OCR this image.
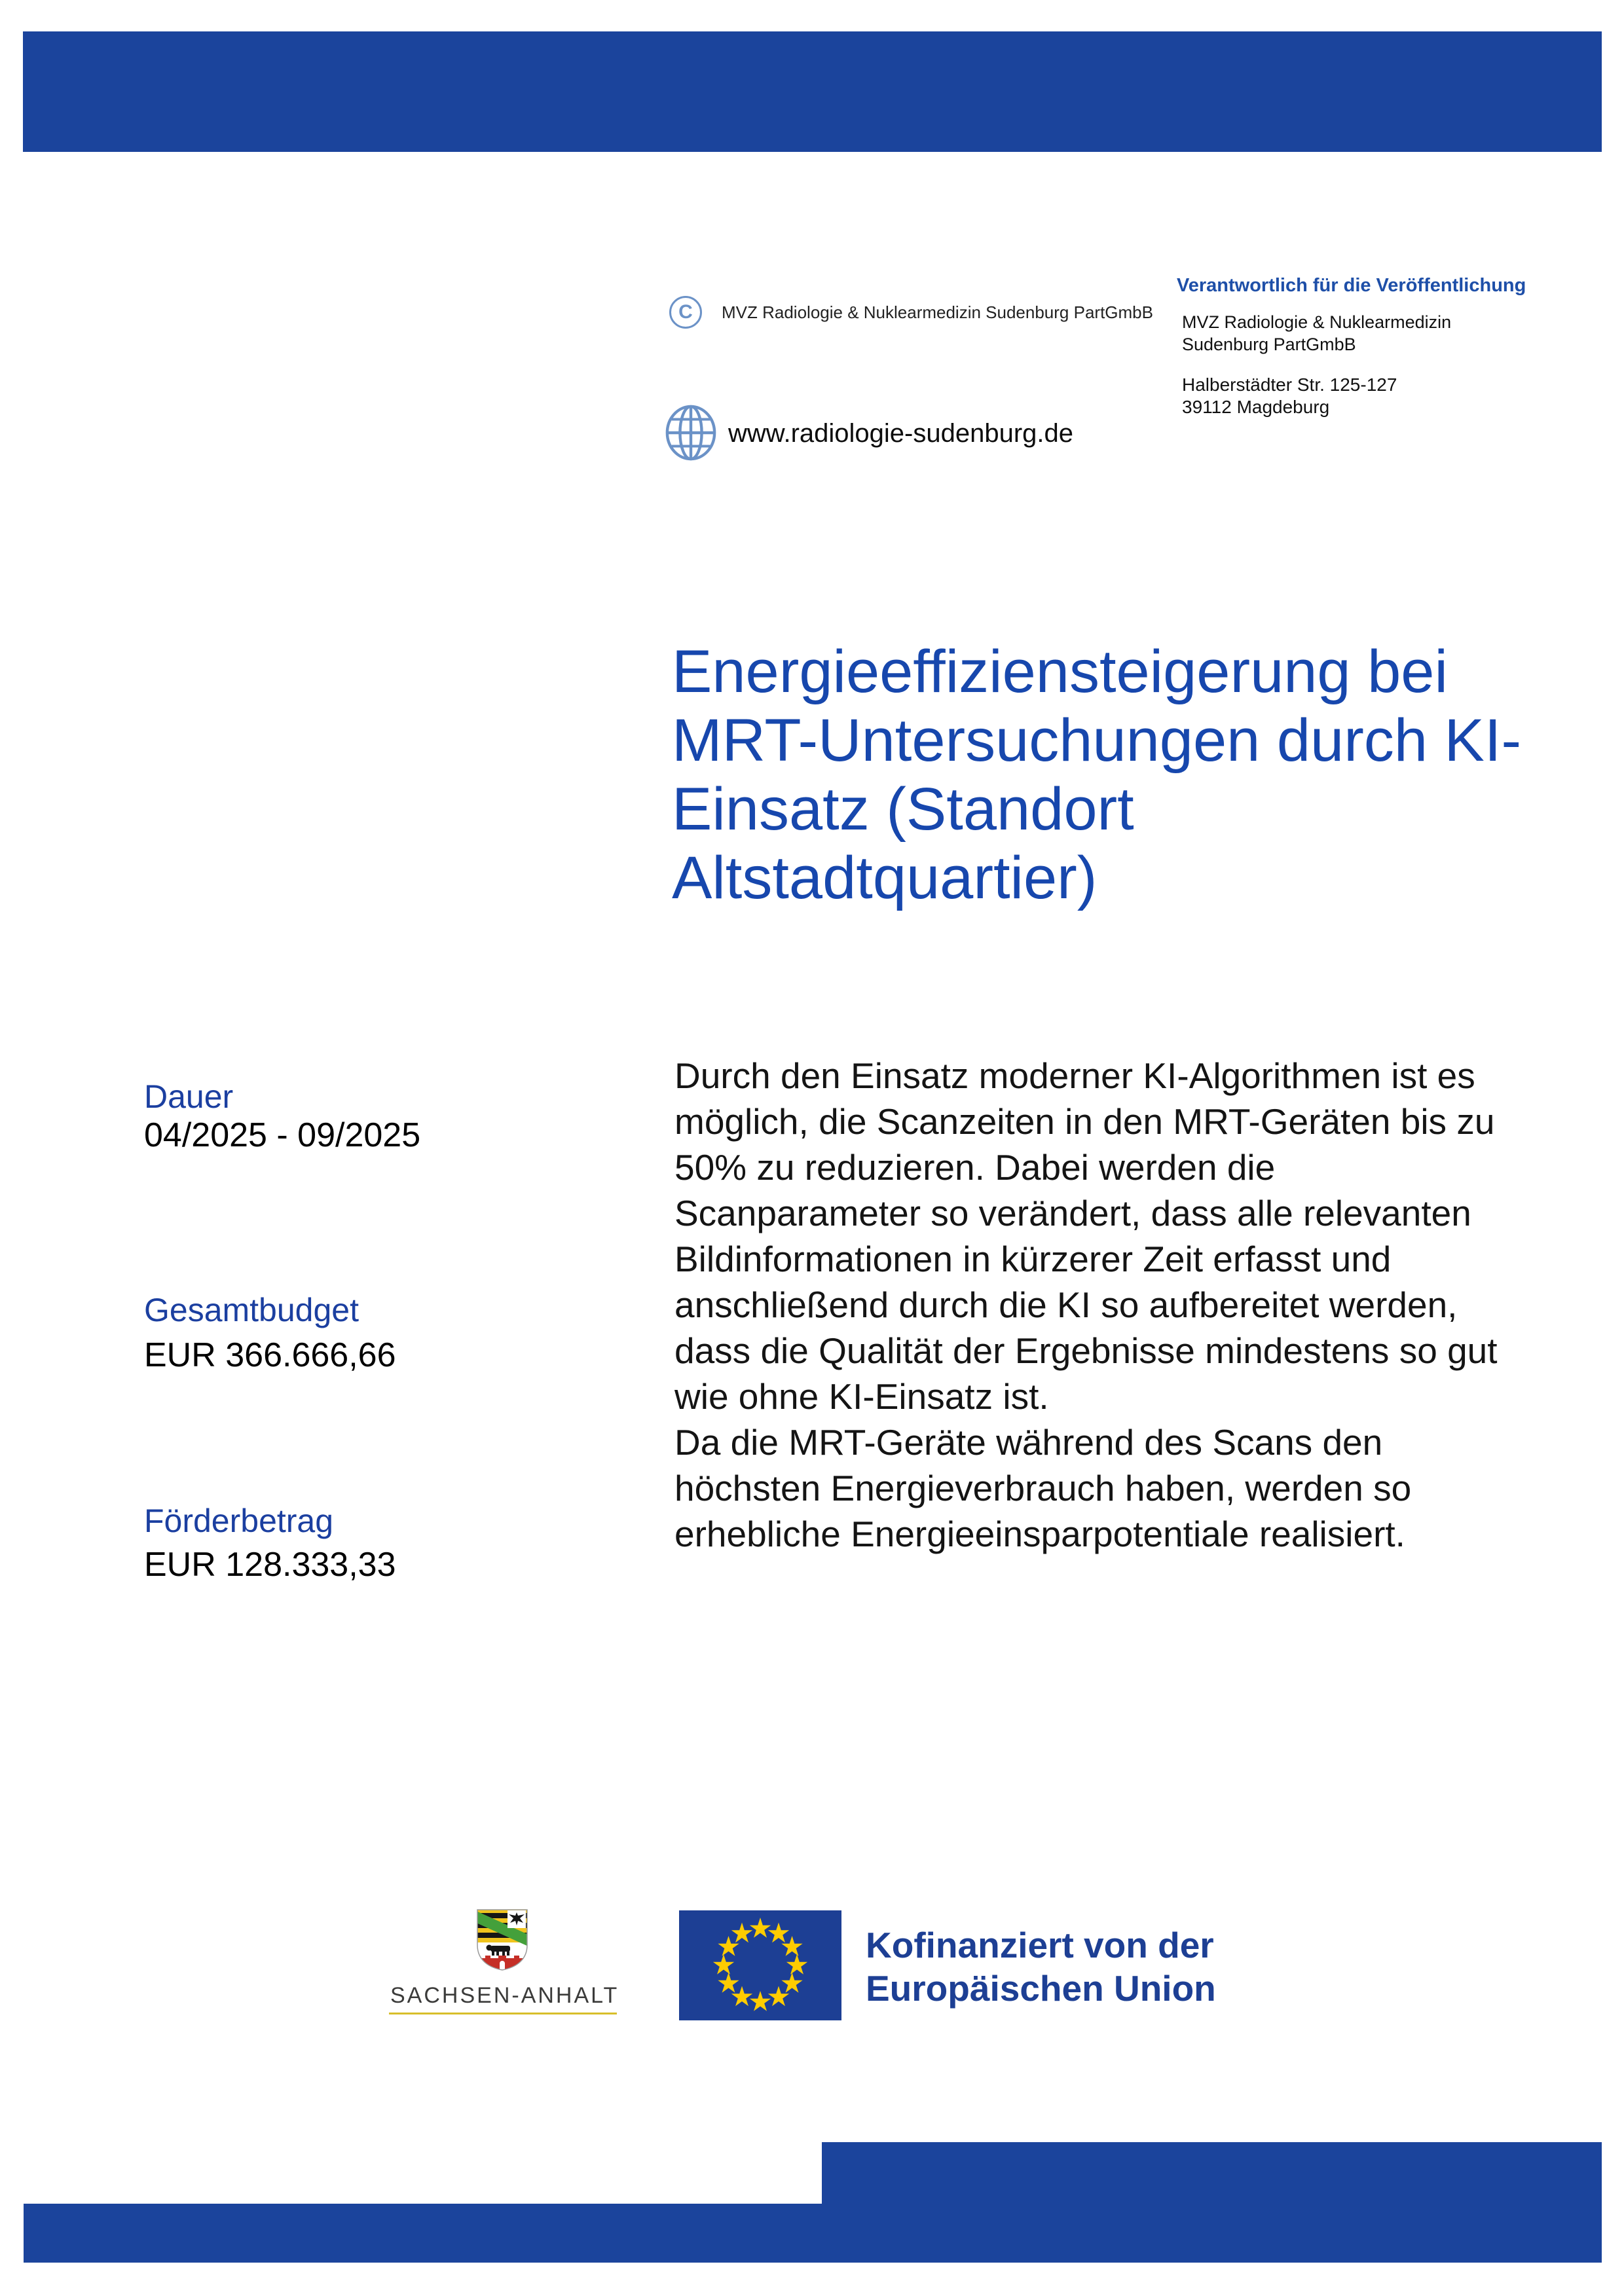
C MVZ Radiologie & Nuklearmedizin Sudenburg PartGmbB
Verantwortlich für die Veröffentlichung
MVZ Radiologie & Nuklearmedizin
Sudenburg PartGmbB
Halberstädter Str. 125-127
39112 Magdeburg
www.radiologie-sudenburg.de
Energieeffiziensteigerung bei
MRT-Untersuchungen durch KI-
Einsatz (Standort
Altstadtquartier)
Dauer
04/2025 - 09/2025
Gesamtbudget
EUR 366.666,66
Förderbetrag
EUR 128.333,33

Durch den Einsatz moderner KI-Algorithmen ist es möglich, die Scanzeiten in den MRT-Geräten bis zu 50% zu reduzieren. Dabei werden die Scanparameter so verändert, dass alle relevanten Bildinformationen in kürzerer Zeit erfasst und anschließend durch die KI so aufbereitet werden, dass die Qualität der Ergebnisse mindestens so gut wie ohne KI-Einsatz ist.

Da die MRT-Geräte während des Scans den höchsten Energieverbrauch haben, werden so erhebliche Energieeinsparpotentiale realisiert.

SACHSEN-ANHALT
Kofinanziert von der
Europäischen Union
